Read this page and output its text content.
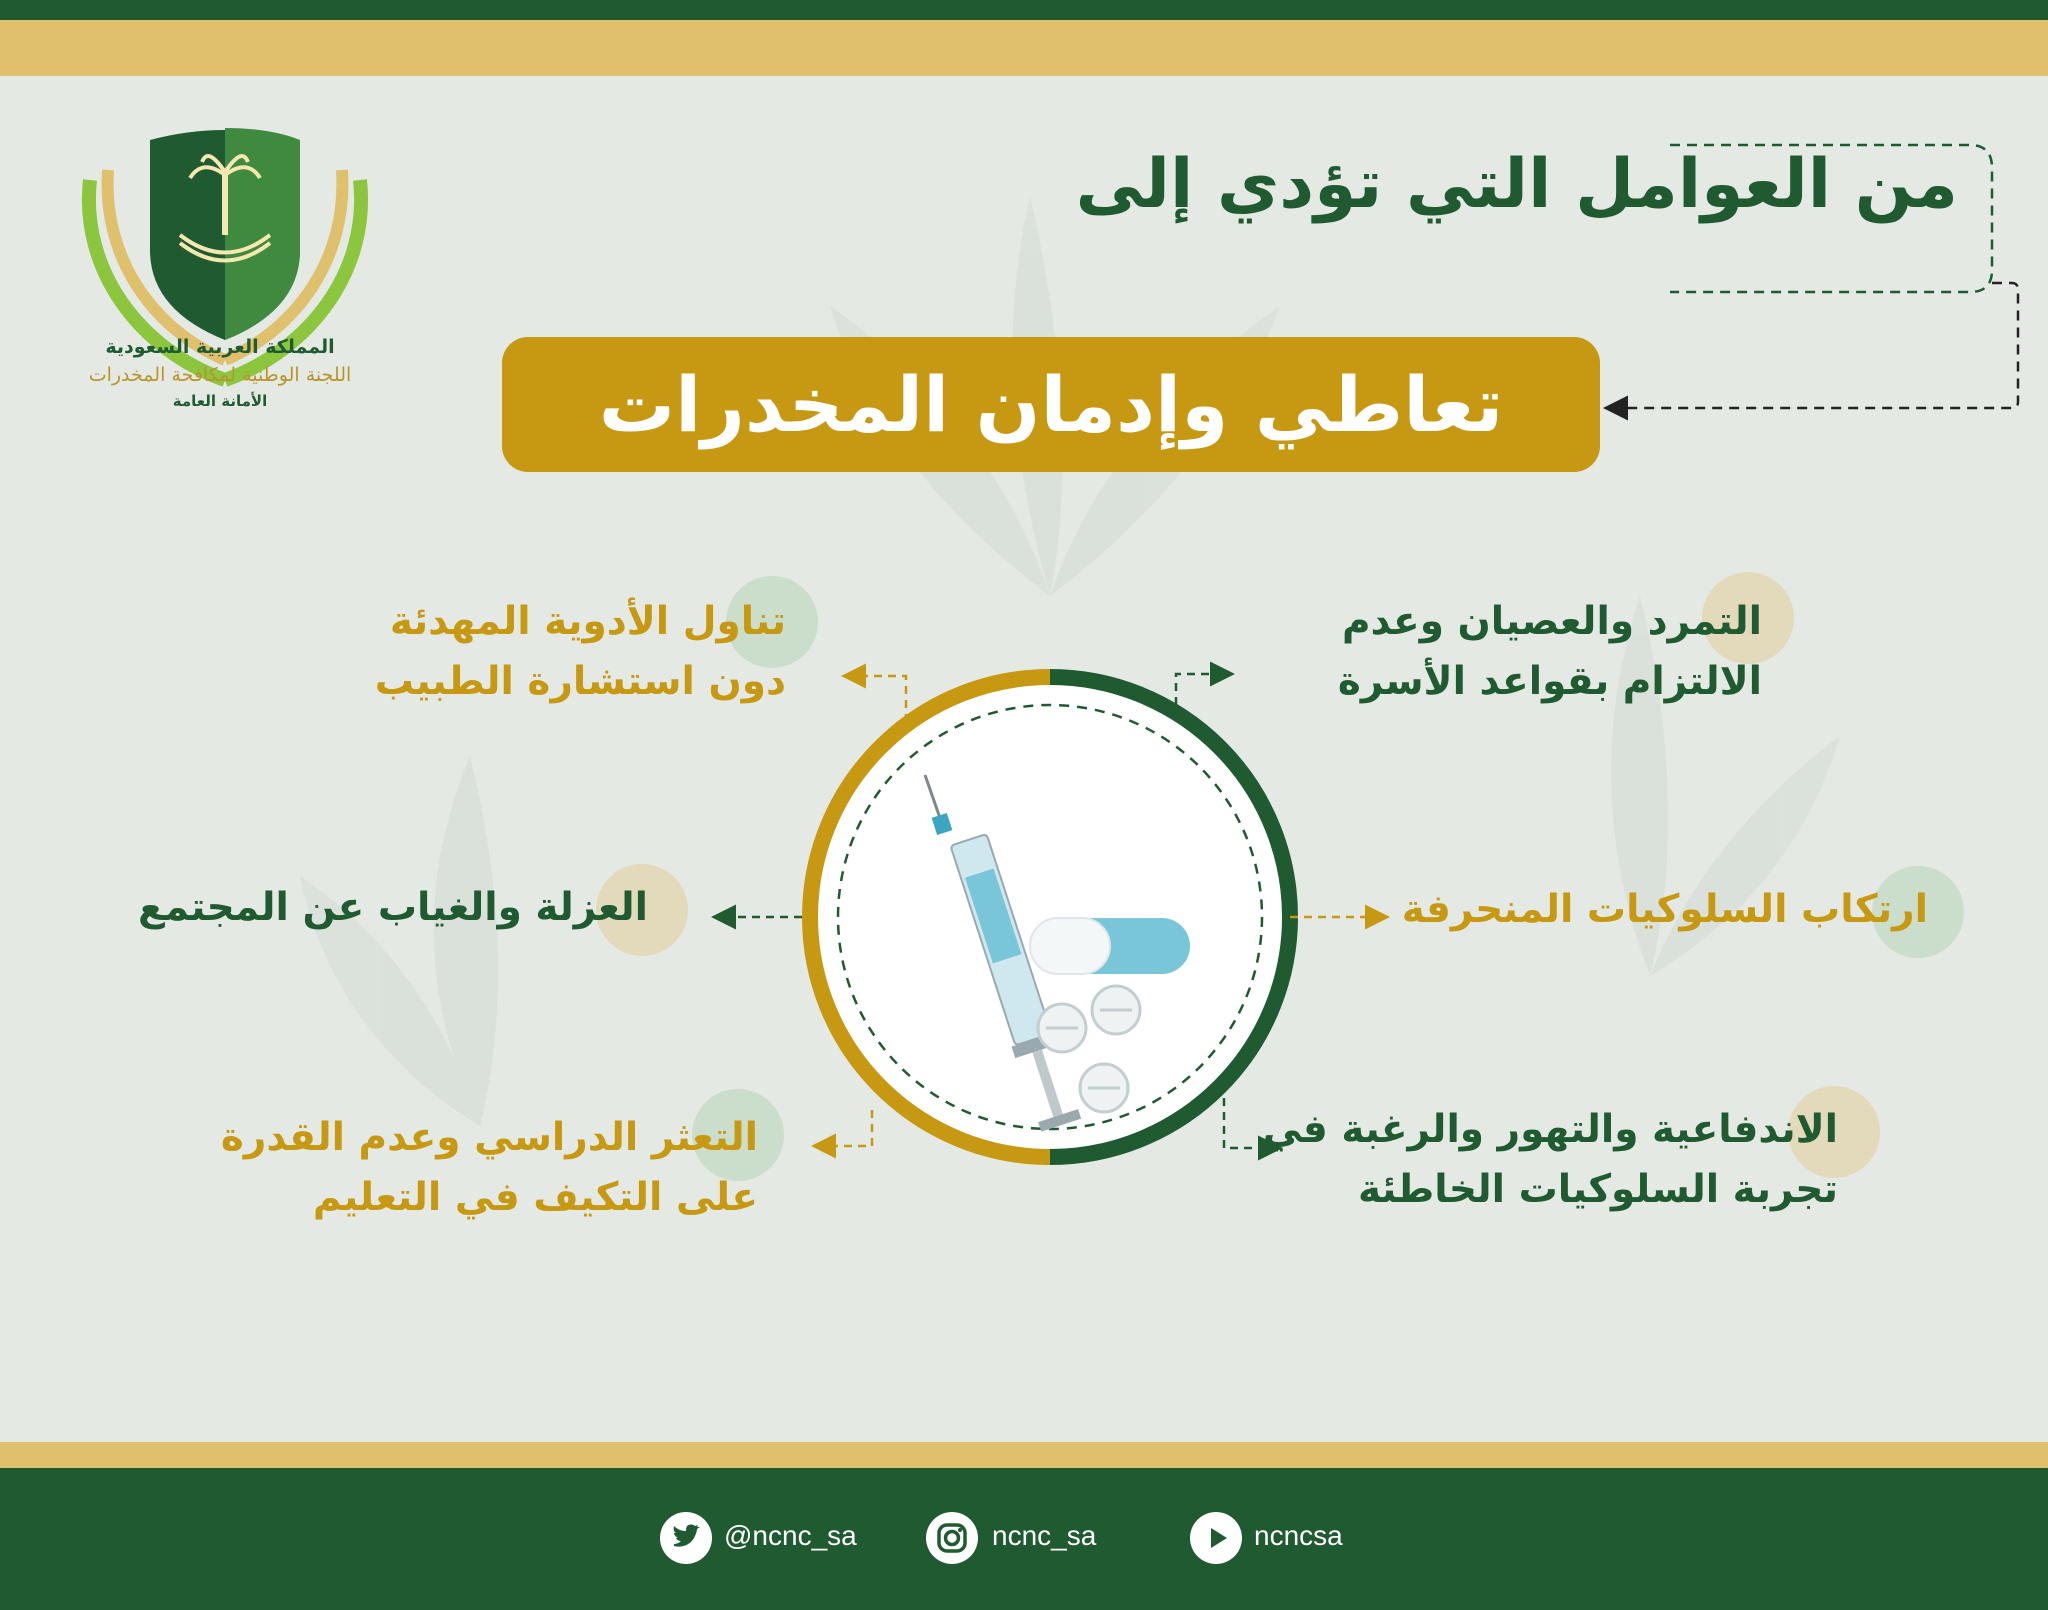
المملكة العربية السعودية
اللجنة الوطنية لمكافحة المخدرات
الأمانة العامة
من العوامل التي تؤدي إلى
تعاطي وإدمان المخدرات
التمرد والعصيان وعدم
الالتزام بقواعد الأسرة
ارتكاب السلوكيات المنحرفة
الاندفاعية والتهور والرغبة في
تجربة السلوكيات الخاطئة
تناول الأدوية المهدئة
دون استشارة الطبيب
العزلة والغياب عن المجتمع
التعثر الدراسي وعدم القدرة
على التكيف في التعليم
@ncnc_sa	ncnc_sa	ncncsa
